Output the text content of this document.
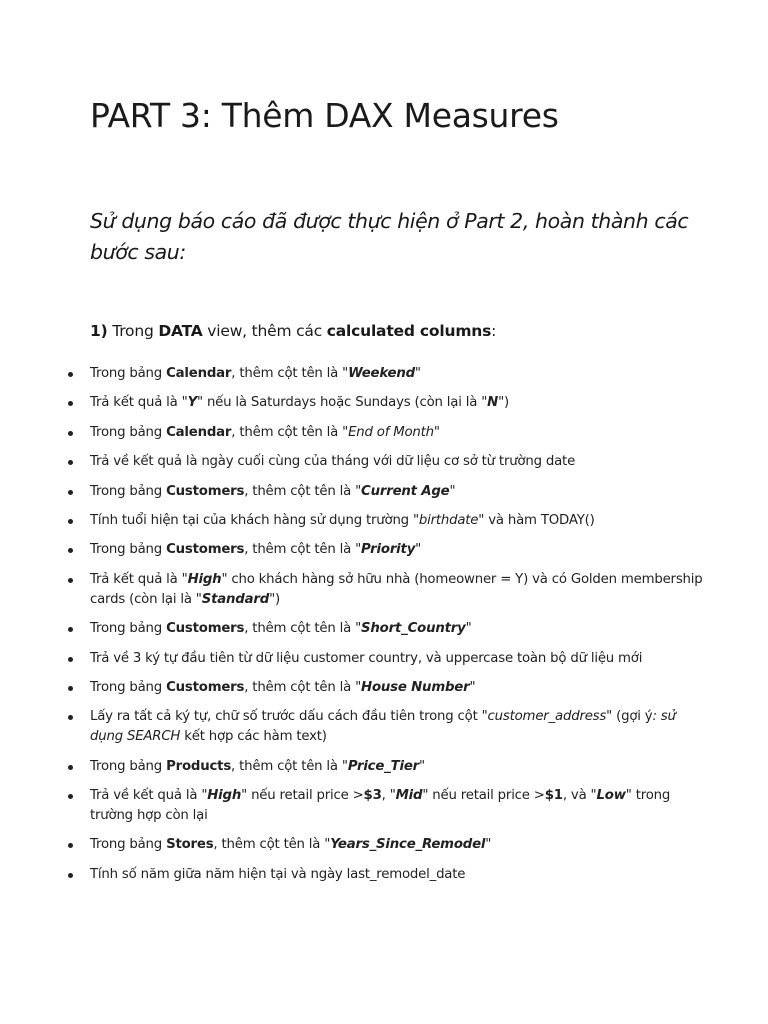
PART 3: Thêm DAX Measures
Sử dụng báo cáo đã được thực hiện ở Part 2, hoàn thành các bước sau:

1) Trong DATA view, thêm các calculated columns:

Trong bảng Calendar, thêm cột tên là "Weekend"
Trả kết quả là "Y" nếu là Saturdays hoặc Sundays (còn lại là "N")
Trong bảng Calendar, thêm cột tên là "End of Month"
Trả về kết quả là ngày cuối cùng của tháng với dữ liệu cơ sở từ trường date
Trong bảng Customers, thêm cột tên là "Current Age"
Tính tuổi hiện tại của khách hàng sử dụng trường "birthdate" và hàm TODAY()
Trong bảng Customers, thêm cột tên là "Priority"
Trả kết quả là "High" cho khách hàng sở hữu nhà (homeowner = Y) và có Golden membership cards (còn lại là "Standard")
Trong bảng Customers, thêm cột tên là "Short_Country"
Trả về 3 ký tự đầu tiên từ dữ liệu customer country, và uppercase toàn bộ dữ liệu mới
Trong bảng Customers, thêm cột tên là "House Number"
Lấy ra tất cả ký tự, chữ số trước dấu cách đầu tiên trong cột "customer_address" (gợi ý: sử dụng SEARCH kết hợp các hàm text)
Trong bảng Products, thêm cột tên là "Price_Tier"
Trả về kết quả là "High" nếu retail price >$3, "Mid" nếu retail price >$1, và "Low" trong trường hợp còn lại
Trong bảng Stores, thêm cột tên là "Years_Since_Remodel"
Tính số năm giữa năm hiện tại và ngày last_remodel_date
